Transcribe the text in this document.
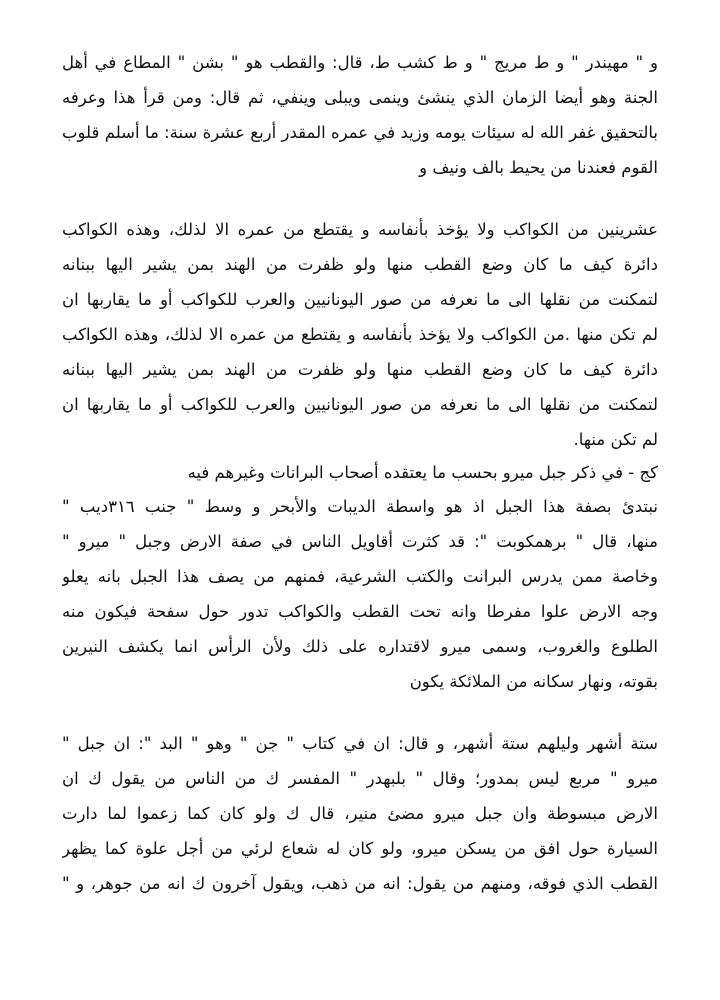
و " مهيندر " و ط مريج " و ط كشب ط، قال: والقطب هو " بشن " المطاع في أهل
الجنة وهو أيضا الزمان الذي ينشئ وينمى ويبلى وينفي، ثم قال: ومن قرأ هذا وعرفه
بالتحقيق غفر الله له سيئات يومه وزيد في عمره المقدر أربع عشرة سنة: ما أسلم قلوب
القوم فعندنا من يحيط بالف ونيف و
عشرينين من الكواكب ولا يؤخذ بأنفاسه و يقتطع من عمره الا لذلك، وهذه الكواكب
دائرة كيف ما كان وضع القطب منها ولو ظفرت من الهند بمن يشير اليها ببنانه
لتمكنت من نقلها الى ما نعرفه من صور اليونانيين والعرب للكواكب أو ما يقاربها ان
لم تكن منها .من الكواكب ولا يؤخذ بأنفاسه و يقتطع من عمره الا لذلك، وهذه الكواكب
دائرة كيف ما كان وضع القطب منها ولو ظفرت من الهند بمن يشير اليها ببنانه
لتمكنت من نقلها الى ما نعرفه من صور اليونانيين والعرب للكواكب أو ما يقاربها ان
لم تكن منها.
كج - في ذكر جبل ميرو بحسب ما يعتقده أصحاب البرانات وغيرهم فيه
نبتدئ بصفة هذا الجبل اذ هو واسطة الديبات والأبحر و وسط " جنب ٣١٦ديب "
منها، قال " برهمكوبت ": قد كثرت أقاويل الناس في صفة الارض وجبل " ميرو "
وخاصة ممن يدرس البرانت والكتب الشرعية، فمنهم من يصف هذا الجبل بانه يعلو
وجه الارض علوا مفرطا وانه تحت القطب والكواكب تدور حول سفحة فيكون منه
الطلوع والغروب، وسمى ميرو لاقتداره على ذلك ولأن الرأس انما يكشف النيرين
بقوته، ونهار سكانه من الملائكة يكون
ستة أشهر وليلهم ستة أشهر، و قال: ان في كتاب " جن " وهو " البد ": ان جبل "
ميرو " مربع ليس بمدور؛ وقال " بلبهدر " المفسر ك من الناس من يقول ك ان
الارض مبسوطة وان جبل ميرو مضئ منير، قال ك ولو كان كما زعموا لما دارت
السيارة حول افق من يسكن ميرو، ولو كان له شعاع لرئي من أجل علوة كما يظهر
القطب الذي فوقه، ومنهم من يقول: انه من ذهب، ويقول آخرون ك انه من جوهر، و "
